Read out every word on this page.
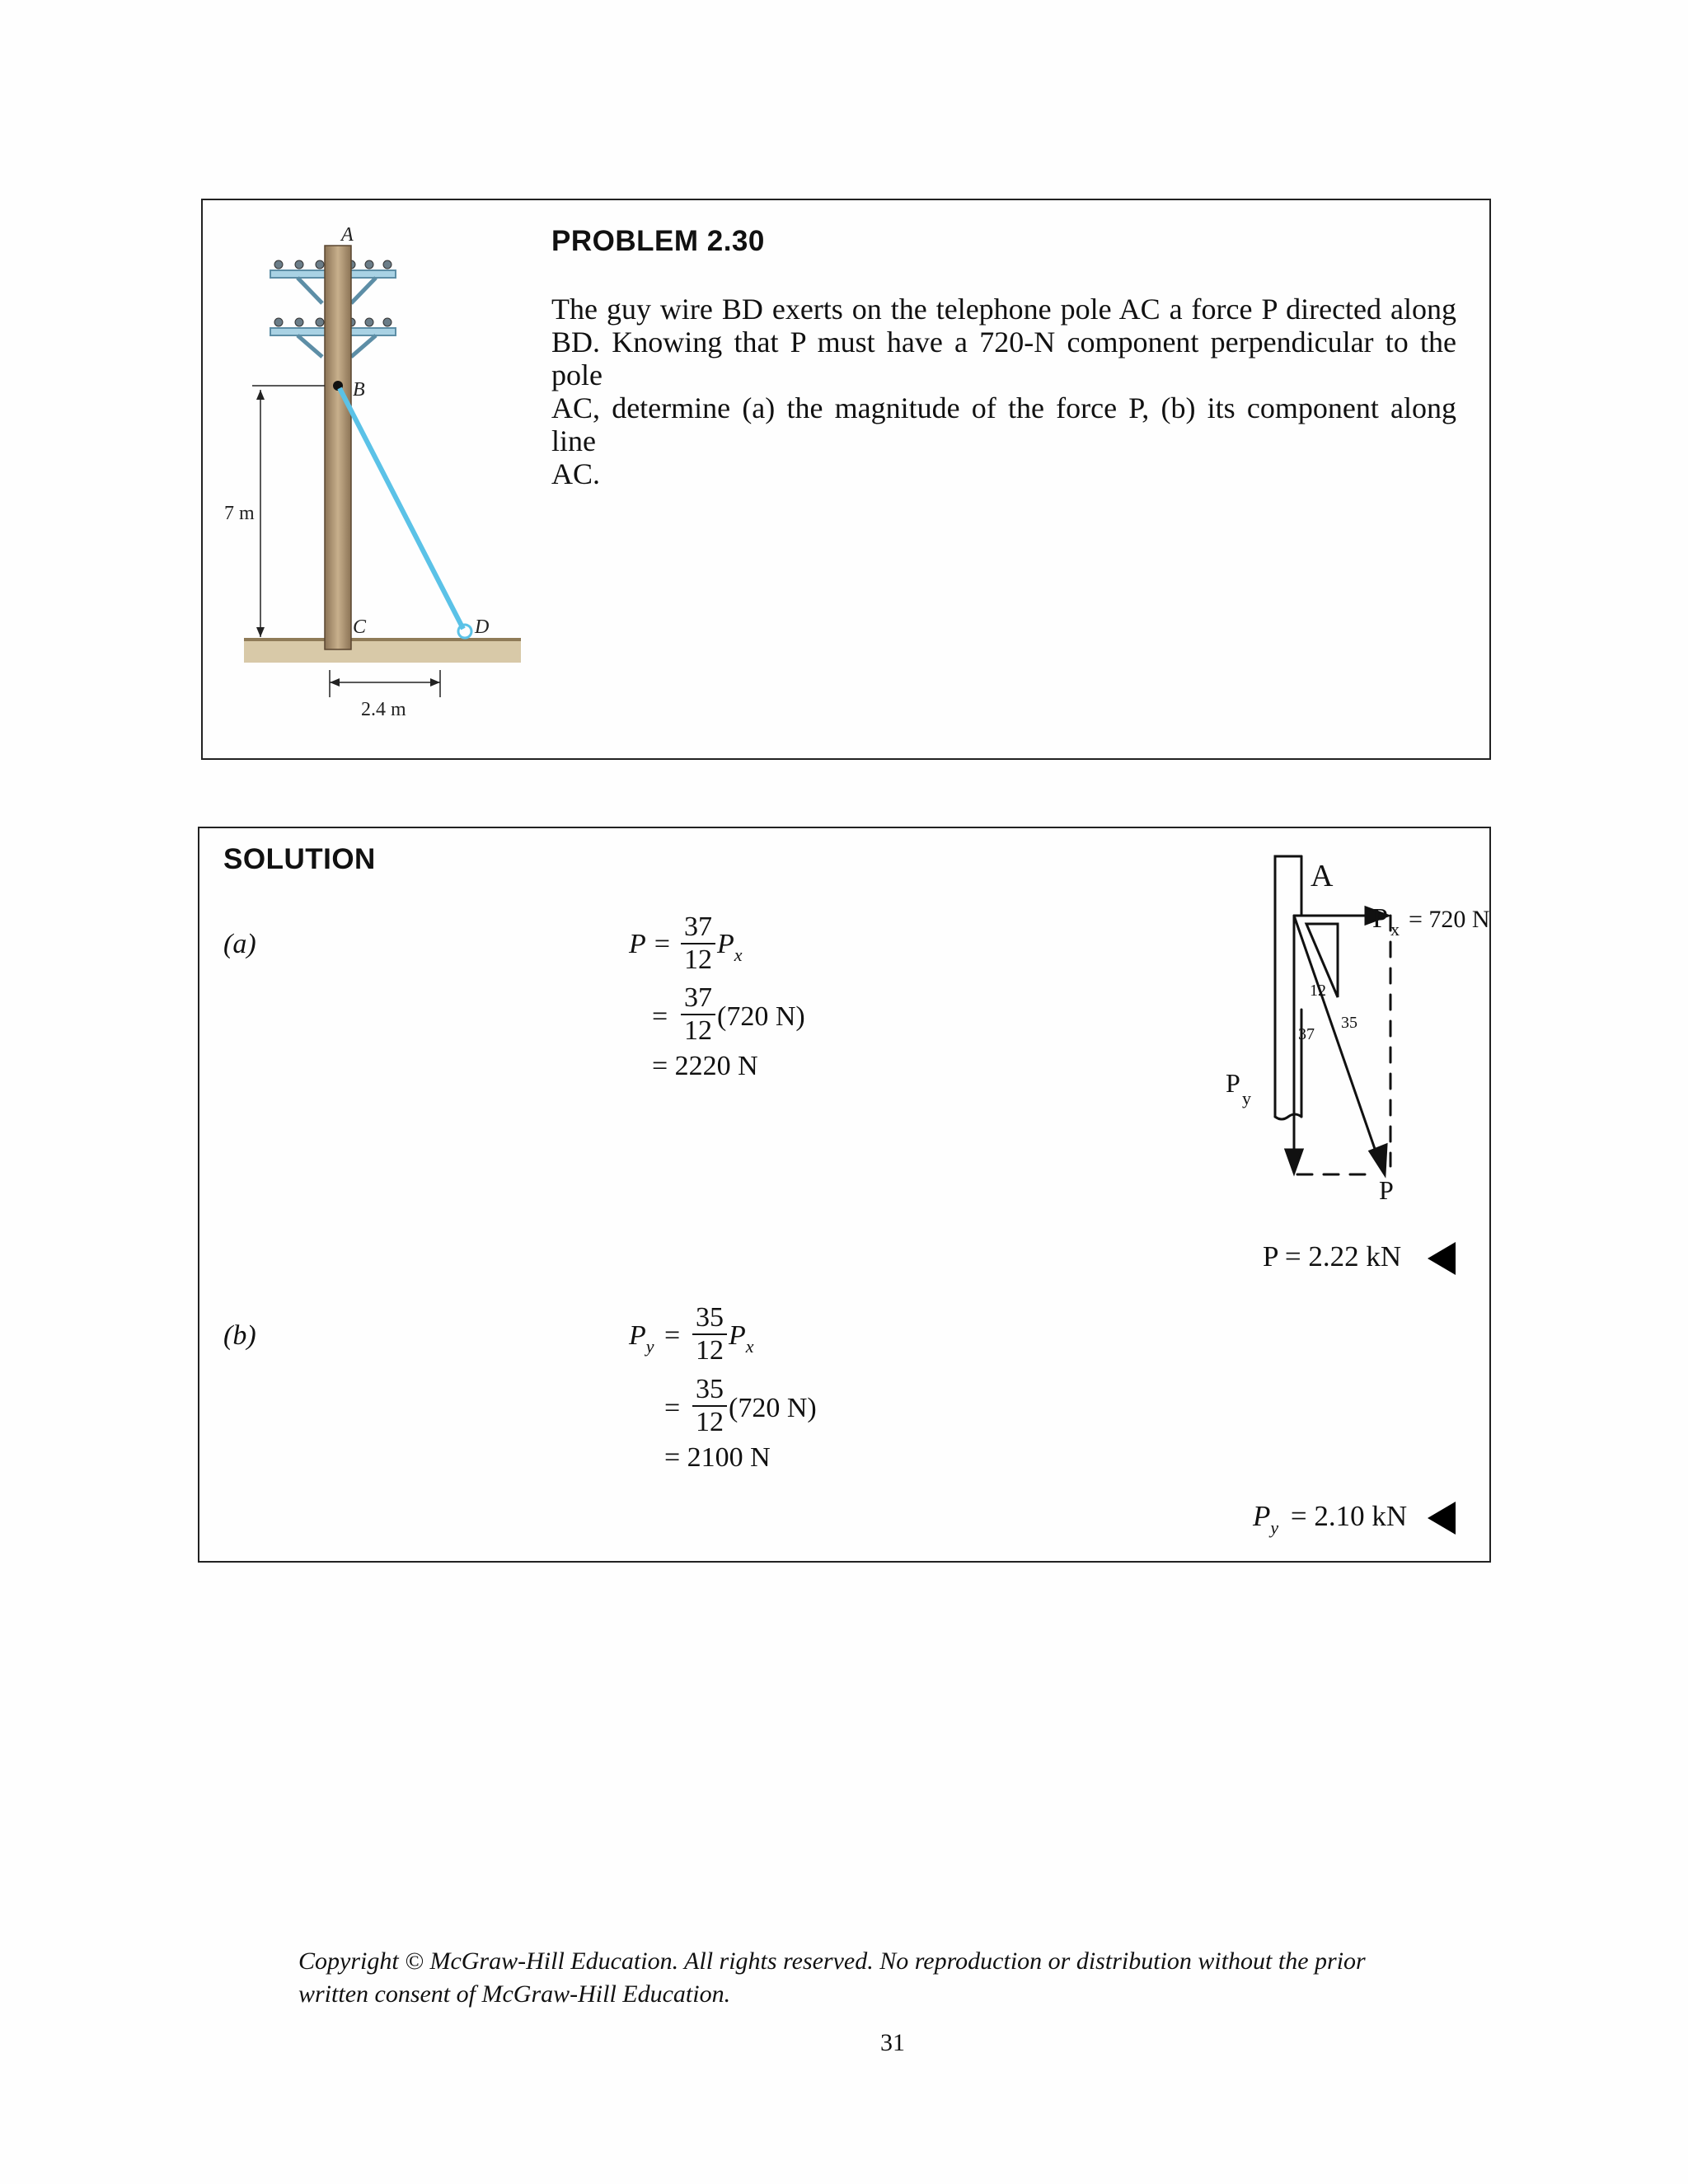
A
B
C	D
7 m
2.4 m
PROBLEM 2.30
The guy wire BD exerts on the telephone pole AC a force P directed along
BD. Knowing that P must have a 720-N component perpendicular to the pole
AC, determine (a) the magnitude of the force P, (b) its component along line
AC.
SOLUTION
(a)
(b)
P =
37
12
$P_x$
=
37
12 (720 N)
= 2220 N
P = 2.22 kN
$P_y$ =
35
12 $P_x$
=
35
12 (720 N)
= 2100 N
$P_y = 2.10$ kN
A
P x = 720 N
P
y
P
12
37
35
Copyright © McGraw-Hill Education. All rights reserved. No reproduction or distribution without the prior
written consent of McGraw-Hill Education.
31
